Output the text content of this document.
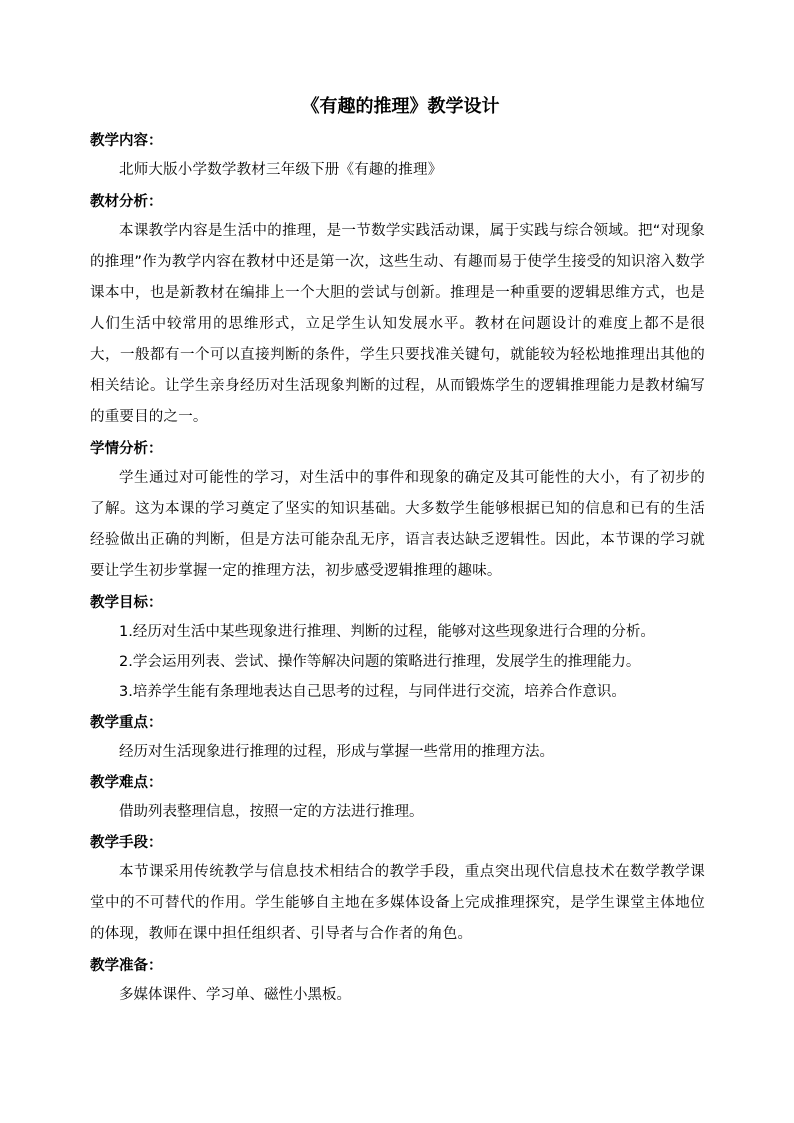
《有趣的推理》教学设计
教学内容：

北师大版小学数学教材三年级下册《有趣的推理》

教材分析：

本课教学内容是生活中的推理，是一节数学实践活动课，属于实践与综合领域。把“对现象的推理”作为教学内容在教材中还是第一次，这些生动、有趣而易于使学生接受的知识溶入数学课本中，也是新教材在编排上一个大胆的尝试与创新。推理是一种重要的逻辑思维方式，也是人们生活中较常用的思维形式，立足学生认知发展水平。教材在问题设计的难度上都不是很大，一般都有一个可以直接判断的条件，学生只要找准关键句，就能较为轻松地推理出其他的相关结论。让学生亲身经历对生活现象判断的过程，从而锻炼学生的逻辑推理能力是教材编写的重要目的之一。

学情分析：

学生通过对可能性的学习，对生活中的事件和现象的确定及其可能性的大小，有了初步的了解。这为本课的学习奠定了坚实的知识基础。大多数学生能够根据已知的信息和已有的生活经验做出正确的判断，但是方法可能杂乱无序，语言表达缺乏逻辑性。因此，本节课的学习就要让学生初步掌握一定的推理方法，初步感受逻辑推理的趣味。

教学目标：

1.经历对生活中某些现象进行推理、判断的过程，能够对这些现象进行合理的分析。

2.学会运用列表、尝试、操作等解决问题的策略进行推理，发展学生的推理能力。

3.培养学生能有条理地表达自己思考的过程，与同伴进行交流，培养合作意识。

教学重点：

经历对生活现象进行推理的过程，形成与掌握一些常用的推理方法。

教学难点：

借助列表整理信息，按照一定的方法进行推理。

教学手段：

本节课采用传统教学与信息技术相结合的教学手段，重点突出现代信息技术在数学教学课堂中的不可替代的作用。学生能够自主地在多媒体设备上完成推理探究，是学生课堂主体地位的体现，教师在课中担任组织者、引导者与合作者的角色。

教学准备：

多媒体课件、学习单、磁性小黑板。
